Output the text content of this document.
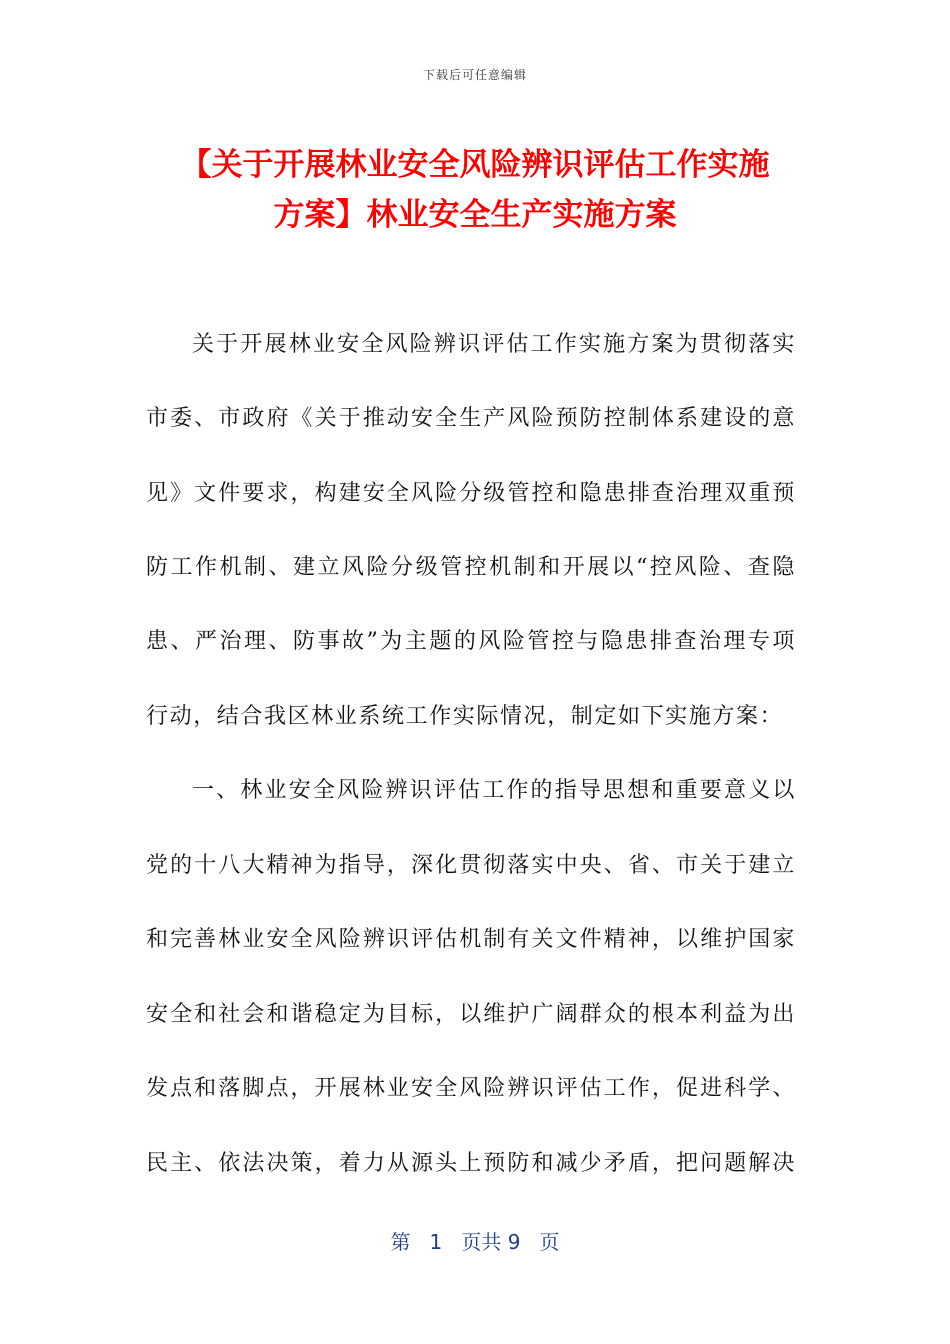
下载后可任意编辑
【关于开展林业安全风险辨识评估工作实施
方案】林业安全生产实施方案
关于开展林业安全风险辨识评估工作实施方案为贯彻落实
市委、市政府《关于推动安全生产风险预防控制体系建设的意
见》文件要求，构建安全风险分级管控和隐患排查治理双重预
防工作机制、建立风险分级管控机制和开展以“控风险、查隐
患、严治理、防事故”为主题的风险管控与隐患排查治理专项
行动，结合我区林业系统工作实际情况，制定如下实施方案：
一、林业安全风险辨识评估工作的指导思想和重要意义以
党的十八大精神为指导，深化贯彻落实中央、省、市关于建立
和完善林业安全风险辨识评估机制有关文件精神，以维护国家
安全和社会和谐稳定为目标，以维护广阔群众的根本利益为出
发点和落脚点，开展林业安全风险辨识评估工作，促进科学、
民主、依法决策，着力从源头上预防和减少矛盾，把问题解决
第 1 页共 9 页
